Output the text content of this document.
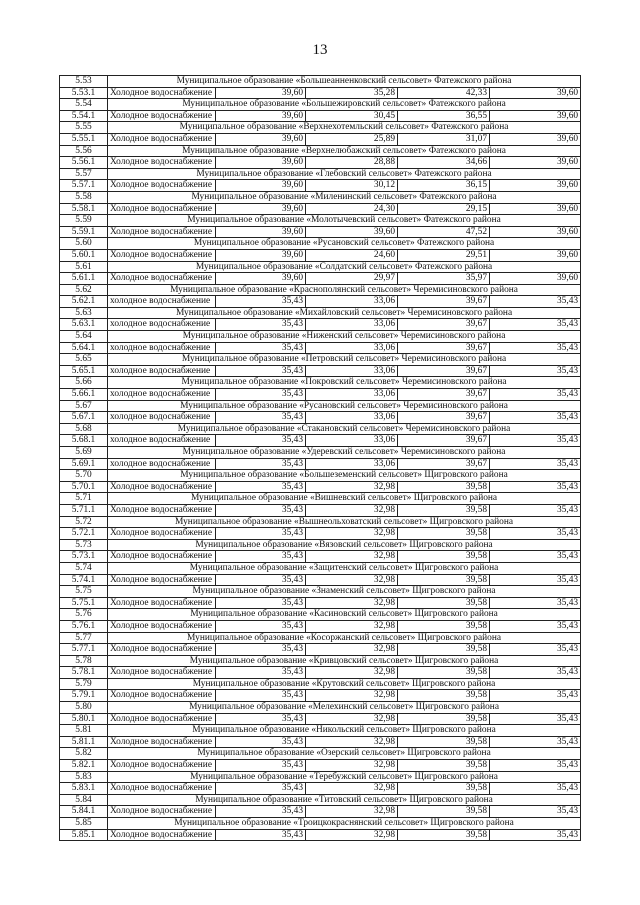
13
5.53	Муниципальное образование «Большеанненковский сельсовет» Фатежского района				
5.53.1	Холодное водоснабжение	39,60	35,28	42,33	39,60
5.54	Муниципальное образование «Большежировский сельсовет» Фатежского района				
5.54.1	Холодное водоснабжение	39,60	30,45	36,55	39,60
5.55	Муниципальное образование «Верхнехотемльский сельсовет» Фатежского района				
5.55.1	Холодное водоснабжение	39,60	25,89	31,07	39,60
5.56	Муниципальное образование «Верхнелюбажский сельсовет» Фатежского района				
5.56.1	Холодное водоснабжение	39,60	28,88	34,66	39,60
5.57	Муниципальное образование «Глебовский сельсовет» Фатежского района				
5.57.1	Холодное водоснабжение	39,60	30,12	36,15	39,60
5.58	Муниципальное образование «Миленинский сельсовет» Фатежского района				
5.58.1	Холодное водоснабжение	39,60	24,30	29,15	39,60
5.59	Муниципальное образование «Молотычевский сельсовет» Фатежского района				
5.59.1	Холодное водоснабжение	39,60	39,60	47,52	39,60
5.60	Муниципальное образование «Русановский сельсовет» Фатежского района				
5.60.1	Холодное водоснабжение	39,60	24,60	29,51	39,60
5.61	Муниципальное образование «Солдатский сельсовет» Фатежского района				
5.61.1	Холодное водоснабжение	39,60	29,97	35,97	39,60
5.62	Муниципальное образование «Краснополянский сельсовет» Черемисиновского района				
5.62.1	холодное водоснабжение	35,43	33,06	39,67	35,43
5.63	Муниципальное образование «Михайловский сельсовет» Черемисиновского района				
5.63.1	холодное водоснабжение	35,43	33,06	39,67	35,43
5.64	Муниципальное образование «Ниженский сельсовет» Черемисиновского района				
5.64.1	холодное водоснабжение	35,43	33,06	39,67	35,43
5.65	Муниципальное образование «Петровский сельсовет» Черемисиновского района				
5.65.1	холодное водоснабжение	35,43	33,06	39,67	35,43
5.66	Муниципальное образование «Покровский сельсовет» Черемисиновского района				
5.66.1	холодное водоснабжение	35,43	33,06	39,67	35,43
5.67	Муниципальное образование «Русановский сельсовет» Черемисиновского района				
5.67.1	холодное водоснабжение	35,43	33,06	39,67	35,43
5.68	Муниципальное образование «Стакановский сельсовет» Черемисиновского района				
5.68.1	холодное водоснабжение	35,43	33,06	39,67	35,43
5.69	Муниципальное образование «Удеревский сельсовет» Черемисиновского района				
5.69.1	холодное водоснабжение	35,43	33,06	39,67	35,43
5.70	Муниципальное образование «Большеземенский сельсовет» Щигровского района				
5.70.1	Холодное водоснабжение	35,43	32,98	39,58	35,43
5.71	Муниципальное образование «Вишневский сельсовет» Щигровского района				
5.71.1	Холодное водоснабжение	35,43	32,98	39,58	35,43
5.72	Муниципальное образование «Вышнеольховатский сельсовет» Щигровского района				
5.72.1	Холодное водоснабжение	35,43	32,98	39,58	35,43
5.73	Муниципальное образование «Вязовский сельсовет» Щигровского района				
5.73.1	Холодное водоснабжение	35,43	32,98	39,58	35,43
5.74	Муниципальное образование «Защитенский сельсовет» Щигровского района				
5.74.1	Холодное водоснабжение	35,43	32,98	39,58	35,43
5.75	Муниципальное образование «Знаменский сельсовет» Щигровского района				
5.75.1	Холодное водоснабжение	35,43	32,98	39,58	35,43
5.76	Муниципальное образование «Касиновский сельсовет» Щигровского района				
5.76.1	Холодное водоснабжение	35,43	32,98	39,58	35,43
5.77	Муниципальное образование «Косоржанский сельсовет» Щигровского района				
5.77.1	Холодное водоснабжение	35,43	32,98	39,58	35,43
5.78	Муниципальное образование «Кривцовский сельсовет» Щигровского района				
5.78.1	Холодное водоснабжение	35,43	32,98	39,58	35,43
5.79	Муниципальное образование «Крутовский сельсовет» Щигровского района				
5.79.1	Холодное водоснабжение	35,43	32,98	39,58	35,43
5.80	Муниципальное образование «Мелехинский сельсовет» Щигровского района				
5.80.1	Холодное водоснабжение	35,43	32,98	39,58	35,43
5.81	Муниципальное образование «Никольский сельсовет» Щигровского района				
5.81.1	Холодное водоснабжение	35,43	32,98	39,58	35,43
5.82	Муниципальное образование «Озерский сельсовет» Щигровского района				
5.82.1	Холодное водоснабжение	35,43	32,98	39,58	35,43
5.83	Муниципальное образование «Теребужский сельсовет» Щигровского района				
5.83.1	Холодное водоснабжение	35,43	32,98	39,58	35,43
5.84	Муниципальное образование «Титовский сельсовет» Щигровского района				
5.84.1	Холодное водоснабжение	35,43	32,98	39,58	35,43
5.85	Муниципальное образование «Троицкокраснянский сельсовет» Щигровского района				
5.85.1	Холодное водоснабжение	35,43	32,98	39,58	35,43
